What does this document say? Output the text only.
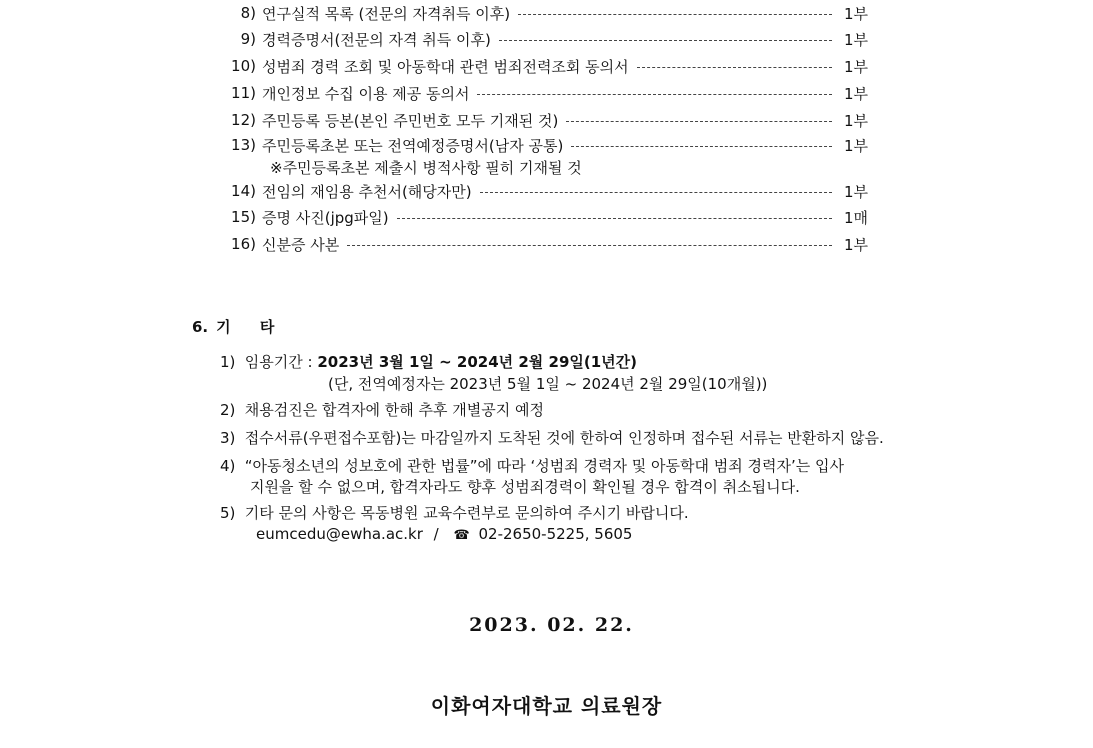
8) 연구실적 목록 (전문의 자격취득 이후)	1부
9) 경력증명서(전문의 자격 취득 이후)	1부
10) 성범죄 경력 조회 및 아동학대 관련 범죄전력조회 동의서	1부
11) 개인정보 수집 이용 제공 동의서	1부
12) 주민등록 등본(본인 주민번호 모두 기재된 것)	1부
13) 주민등록초본 또는 전역예정증명서(남자 공통)	1부
※주민등록초본 제출시 병적사항 필히 기재될 것
14) 전임의 재임용 추천서(해당자만)	1부
15) 증명 사진(jpg파일)	1매
16) 신분증 사본	1부
6. 기 타
1) 임용기간 : 2023년 3월 1일 ~ 2024년 2월 29일(1년간)
(단, 전역예정자는 2023년 5월 1일 ~ 2024년 2월 29일(10개월))
2) 채용검진은 합격자에 한해 추후 개별공지 예정
3) 접수서류(우편접수포함)는 마감일까지 도착된 것에 한하여 인정하며 접수된 서류는 반환하지 않음.
4) “아동청소년의 성보호에 관한 법률”에 따라 ‘성범죄 경력자 및 아동학대 범죄 경력자’는 입사
지원을 할 수 없으며, 합격자라도 향후 성범죄경력이 확인될 경우 합격이 취소됩니다.
5) 기타 문의 사항은 목동병원 교육수련부로 문의하여 주시기 바랍니다.
eumcedu@ewha.ac.kr / ☎ 02-2650-5225, 5605
2023. 02. 22.
이화여자대학교 의료원장
